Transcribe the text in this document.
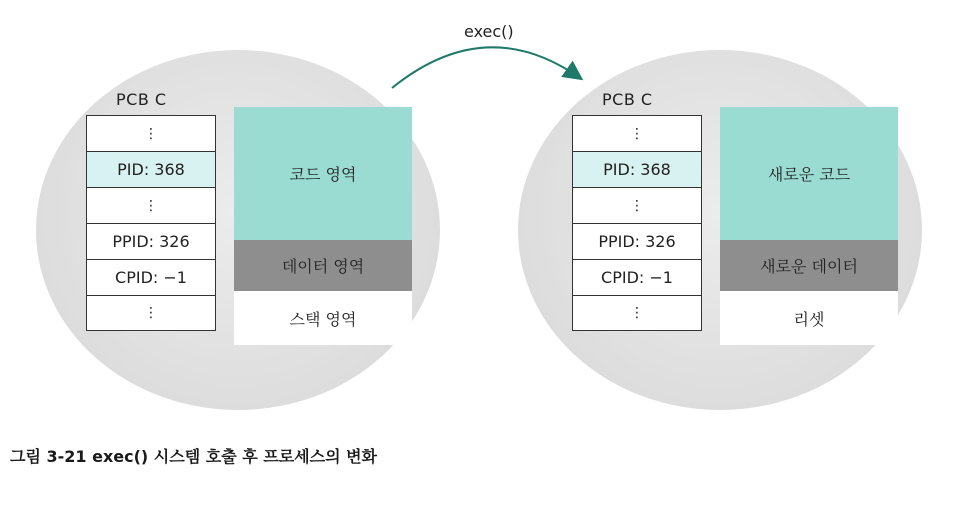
PCB C
⋮
PID: 368
⋮
PPID: 326
CPID: −1
⋮
코드 영역
데이터 영역
스택 영역
PCB C
⋮
PID: 368
⋮
PPID: 326
CPID: −1
⋮
새로운 코드
새로운 데이터
리셋
exec()
그림 3-21 exec() 시스템 호출 후 프로세스의 변화
